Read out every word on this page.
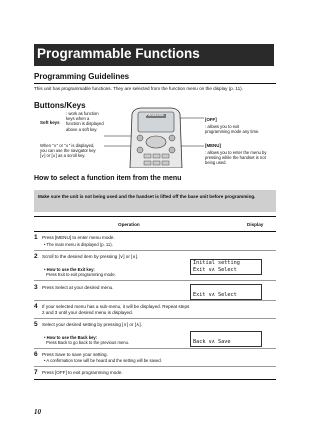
Programmable Functions
Programming Guidelines
This unit has programmable functions. They are selected from the function menu on the display (p. 11).
Buttons/Keys
Soft keys
: work as function keys when a function is displayed above a soft key.
When "∨" or "∧" is displayed, you can use the navigator key [∨] or [∧] as a scroll key.
[OFF]
: allows you to exit programming mode any time.
[MENU]
: allows you to enter the menu by pressing while the handset is not being used.
Panasonic
How to select a function item from the menu
Make sure the unit is not being used and the handset is lifted off the base unit before programming.
Operation	Display
1 Press [MENU] to enter menu mode.
• The main menu is displayed (p. 11).
2 Scroll to the desired item by pressing [∨] or [∧].
• How to use the Exit key:
Press Exit to exit programming mode.
Initial setting
Exit ∨∧ Select
3 Press Select at your desired menu.
Exit ∨∧ Select
4 If your selected menu has a sub-menu, it will be displayed. Repeat steps 2 and 3 until your desired menu is displayed.
5 Select your desired setting by pressing [∨] or [∧].
• How to use the Back key:
Press Back to go back to the previous menu.	Back ∨∧ Save
6 Press Save to save your setting.
• A confirmation tone will be heard and the setting will be saved.
7 Press [OFF] to exit programming mode.
10
